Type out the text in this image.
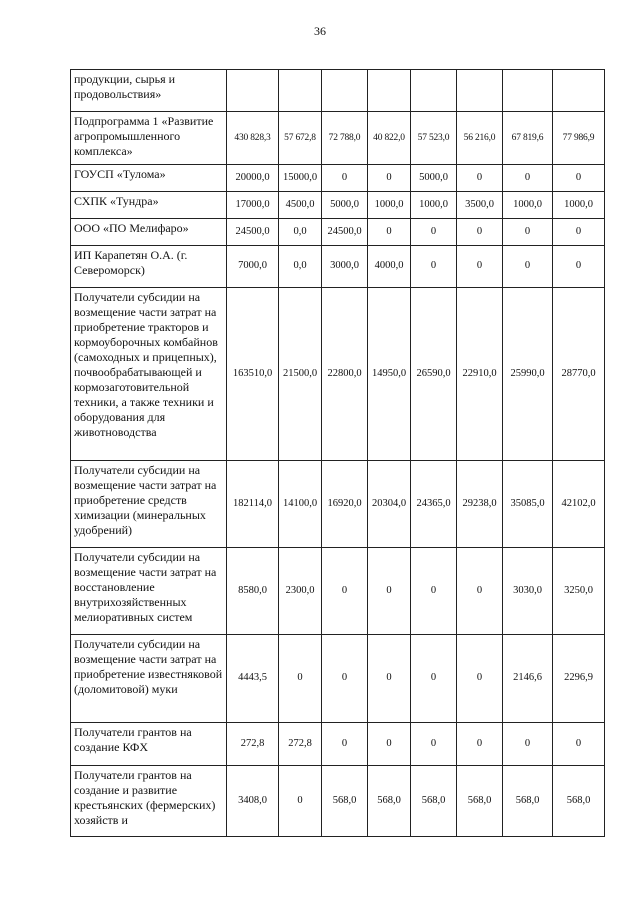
36
продукции, сырья и продовольствия»								
Подпрограмма 1 «Развитие агропромышленного комплекса»	430 828,3	57 672,8	72 788,0	40 822,0	57 523,0	56 216,0	67 819,6	77 986,9
ГОУСП «Тулома»	20000,0	15000,0	0	0	5000,0	0	0	0
СХПК «Тундра»	17000,0	4500,0	5000,0	1000,0	1000,0	3500,0	1000,0	1000,0
ООО «ПО Мелифаро»	24500,0	0,0	24500,0	0	0	0	0	0
ИП Карапетян О.А. (г. Североморск)	7000,0	0,0	3000,0	4000,0	0	0	0	0
Получатели субсидии на возмещение части затрат на приобретение тракторов и кормоуборочных комбайнов (самоходных и прицепных), почвообрабатывающей и кормозаготовительной техники, а также техники и оборудования для животноводства	163510,0	21500,0	22800,0	14950,0	26590,0	22910,0	25990,0	28770,0
Получатели субсидии на возмещение части затрат на приобретение средств химизации (минеральных удобрений)	182114,0	14100,0	16920,0	20304,0	24365,0	29238,0	35085,0	42102,0
Получатели субсидии на возмещение части затрат на восстановление внутрихозяйственных мелиоративных систем	8580,0	2300,0	0	0	0	0	3030,0	3250,0
Получатели субсидии на возмещение части затрат на приобретение известняковой (доломитовой) муки	4443,5	0	0	0	0	0	2146,6	2296,9
Получатели грантов на создание КФХ	272,8	272,8	0	0	0	0	0	0
Получатели грантов на создание и развитие крестьянских (фермерских) хозяйств и	3408,0	0	568,0	568,0	568,0	568,0	568,0	568,0
